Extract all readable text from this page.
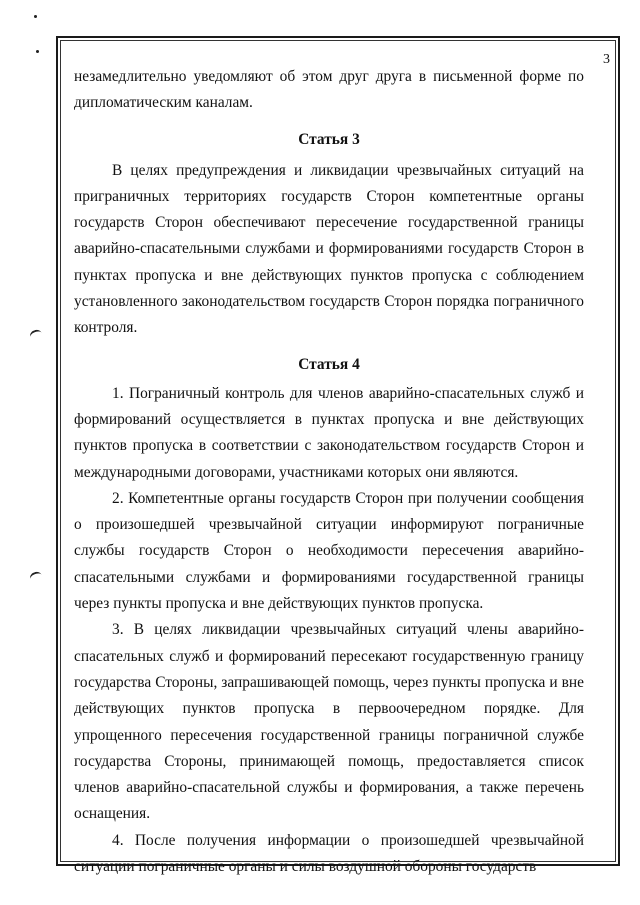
3

незамедлительно уведомляют об этом друг друга в письменной форме по дипломатическим каналам.

Статья 3

В целях предупреждения и ликвидации чрезвычайных ситуаций на приграничных территориях государств Сторон компетентные органы государств Сторон обеспечивают пересечение государственной границы аварийно-спасательными службами и формированиями государств Сторон в пунктах пропуска и вне действующих пунктов пропуска с соблюдением установленного законодательством государств Сторон порядка пограничного контроля.

Статья 4

1. Пограничный контроль для членов аварийно-спасательных служб и формирований осуществляется в пунктах пропуска и вне действующих пунктов пропуска в соответствии с законодательством государств Сторон и международными договорами, участниками которых они являются.

2. Компетентные органы государств Сторон при получении сообщения о произошедшей чрезвычайной ситуации информируют пограничные службы государств Сторон о необходимости пересечения аварийно-спасательными службами и формированиями государственной границы через пункты пропуска и вне действующих пунктов пропуска.

3. В целях ликвидации чрезвычайных ситуаций члены аварийно-спасательных служб и формирований пересекают государственную границу государства Стороны, запрашивающей помощь, через пункты пропуска и вне действующих пунктов пропуска в первоочередном порядке. Для упрощенного пересечения государственной границы пограничной службе государства Стороны, принимающей помощь, предоставляется список членов аварийно-спасательной службы и формирования, а также перечень оснащения.

4. После получения информации о произошедшей чрезвычайной ситуации пограничные органы и силы воздушной обороны государств
